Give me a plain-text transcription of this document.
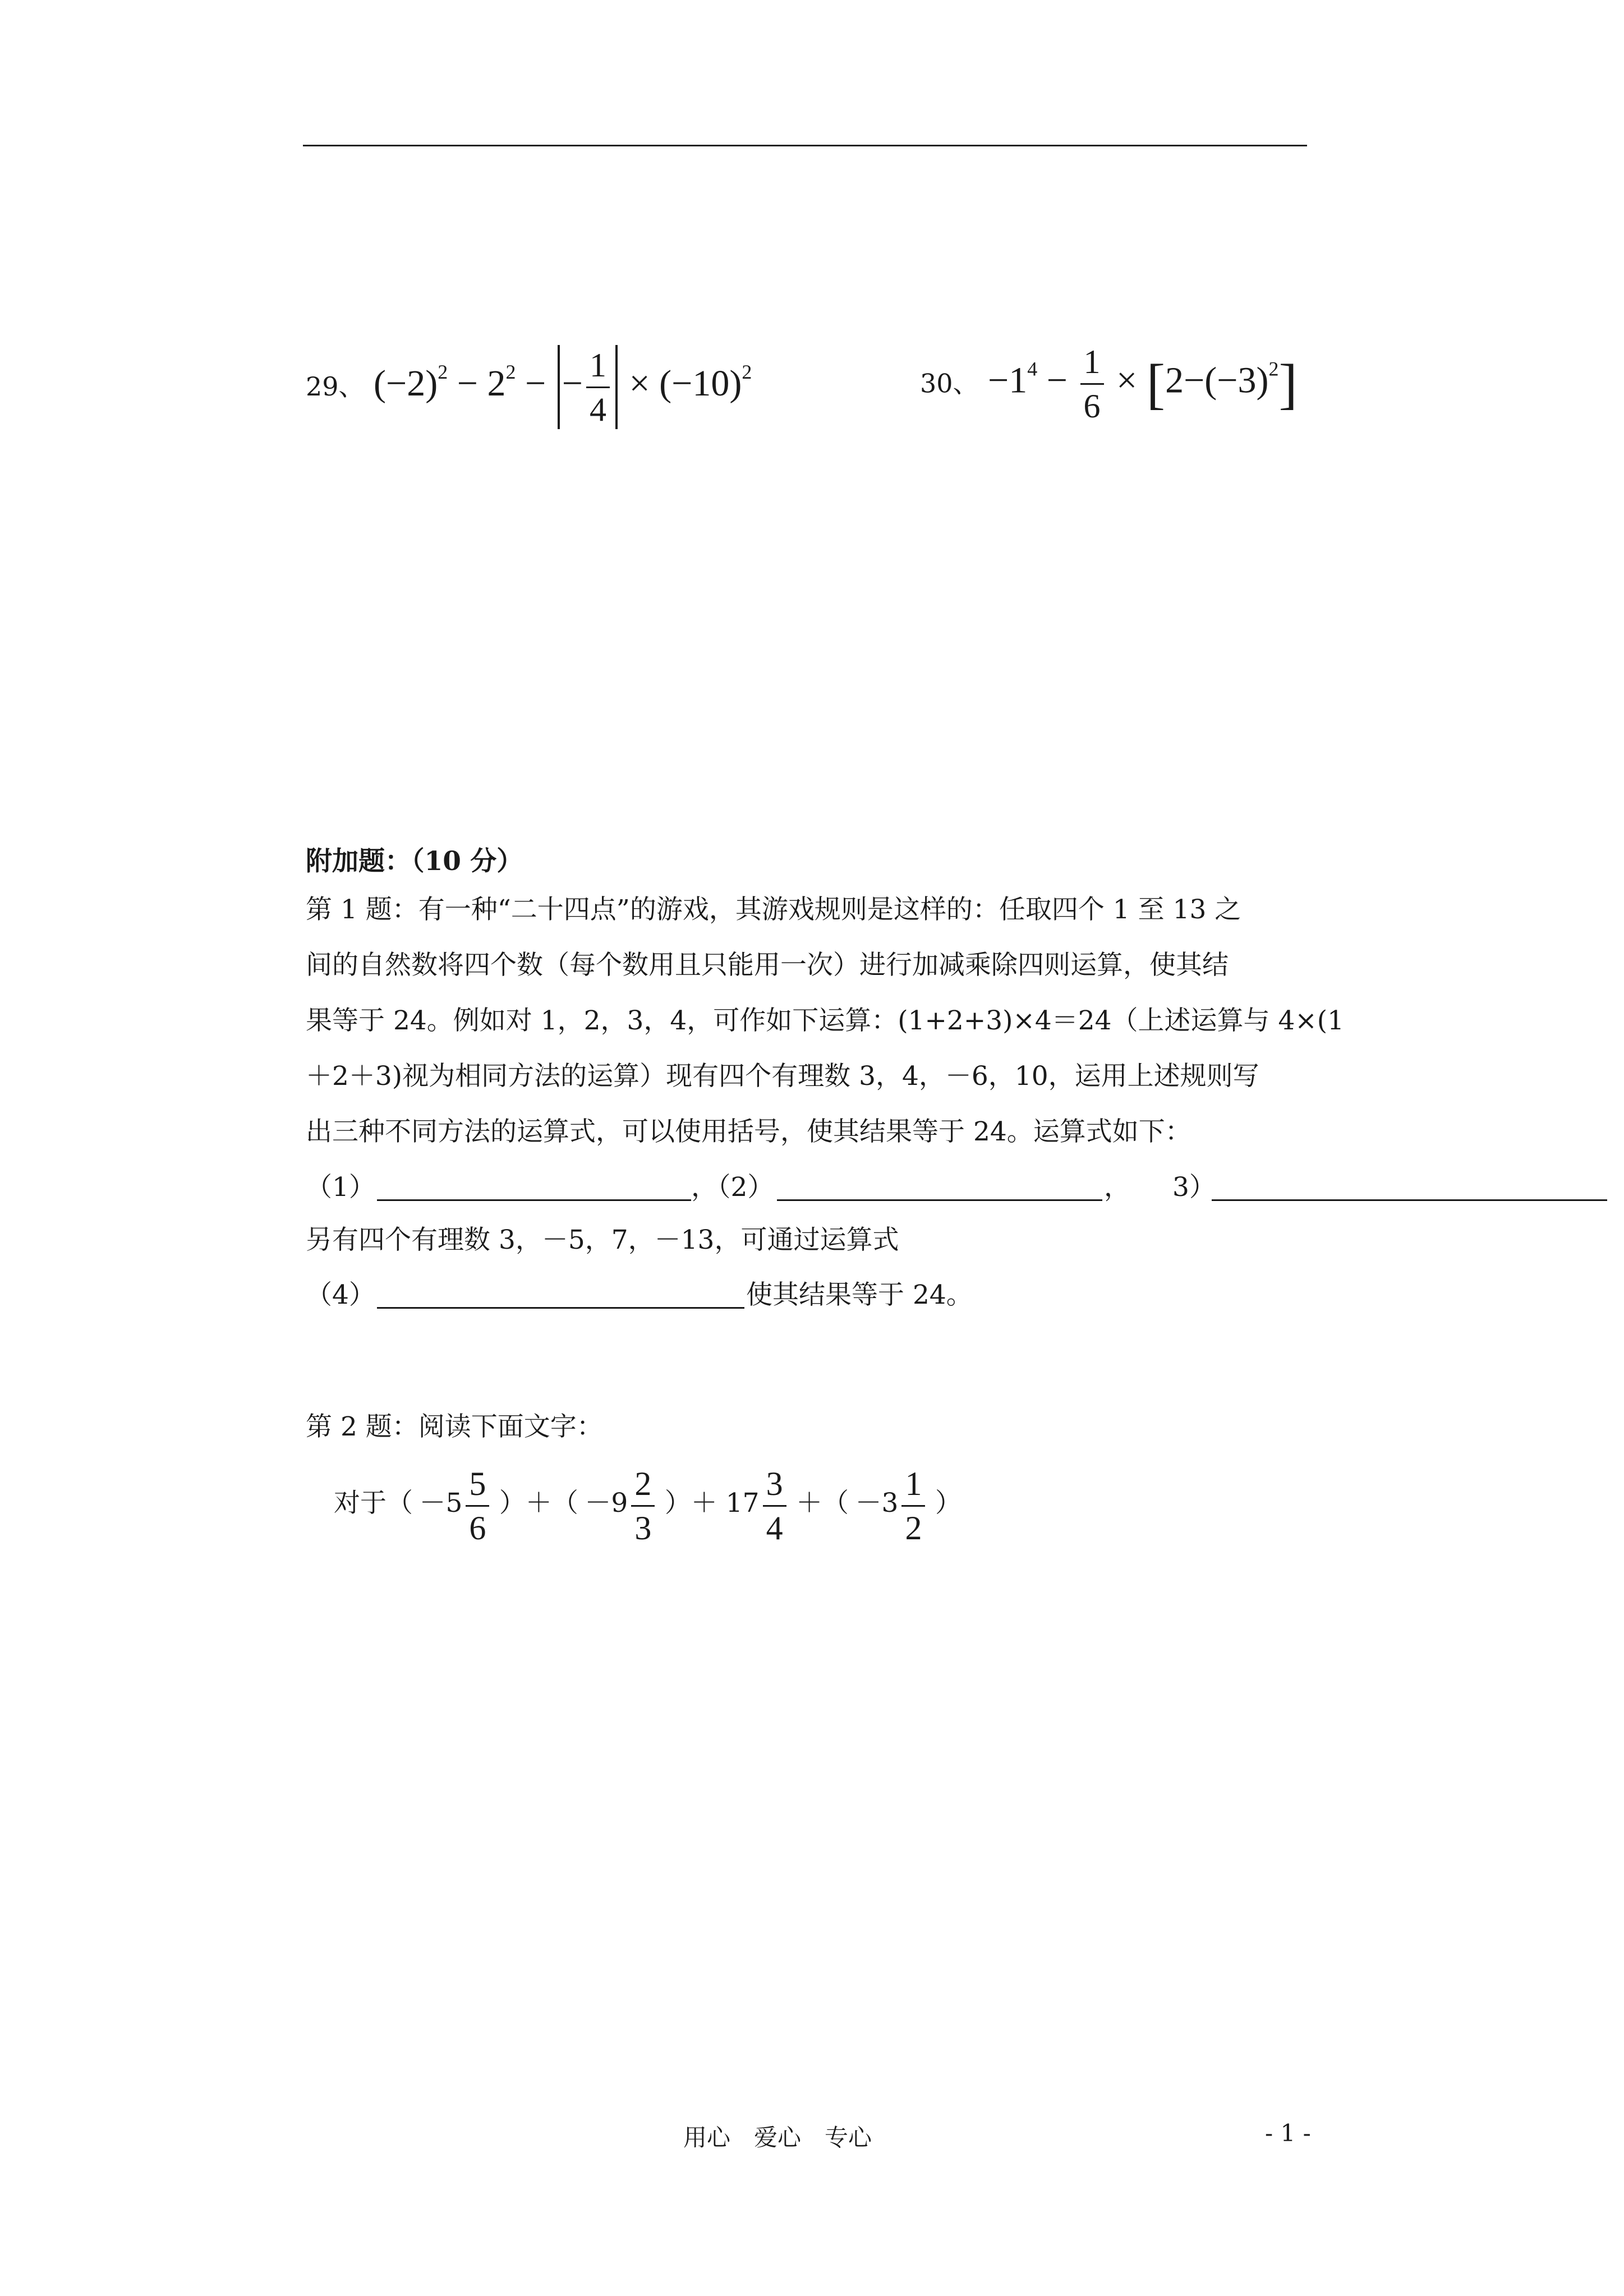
29、 $(-2)^2 - 2^2$ − − $\frac{1}{4} \times (-10)^2$	30、 $-1^4 - \frac{1}{6} \times [2-(-3)^2]$
附加题：（10 分）
第 1 题：有一种“二十四点”的游戏，其游戏规则是这样的：任取四个 1 至 13 之
间的自然数将四个数（每个数用且只能用一次）进行加减乘除四则运算，使其结
果等于 24。例如对 1，2，3，4，可作如下运算：(1+2+3)×4＝24（上述运算与 4×(1
＋2＋3)视为相同方法的运算）现有四个有理数 3，4，－6，10，运用上述规则写
出三种不同方法的运算式，可以使用括号，使其结果等于 24。运算式如下：
（1）	，（2）	， 3）
另有四个有理数 3，－5，7，－13，可通过运算式
（4）	使其结果等于 24。
第 2 题：阅读下面文字：
对于（ $-5 \frac{5}{6}$ ）＋（ $-9 \frac{2}{3}$ ）＋ $17 \frac{3}{4}$ ＋（ $-3 \frac{1}{2}$ ）
用心　爱心　专心	- 1 -
